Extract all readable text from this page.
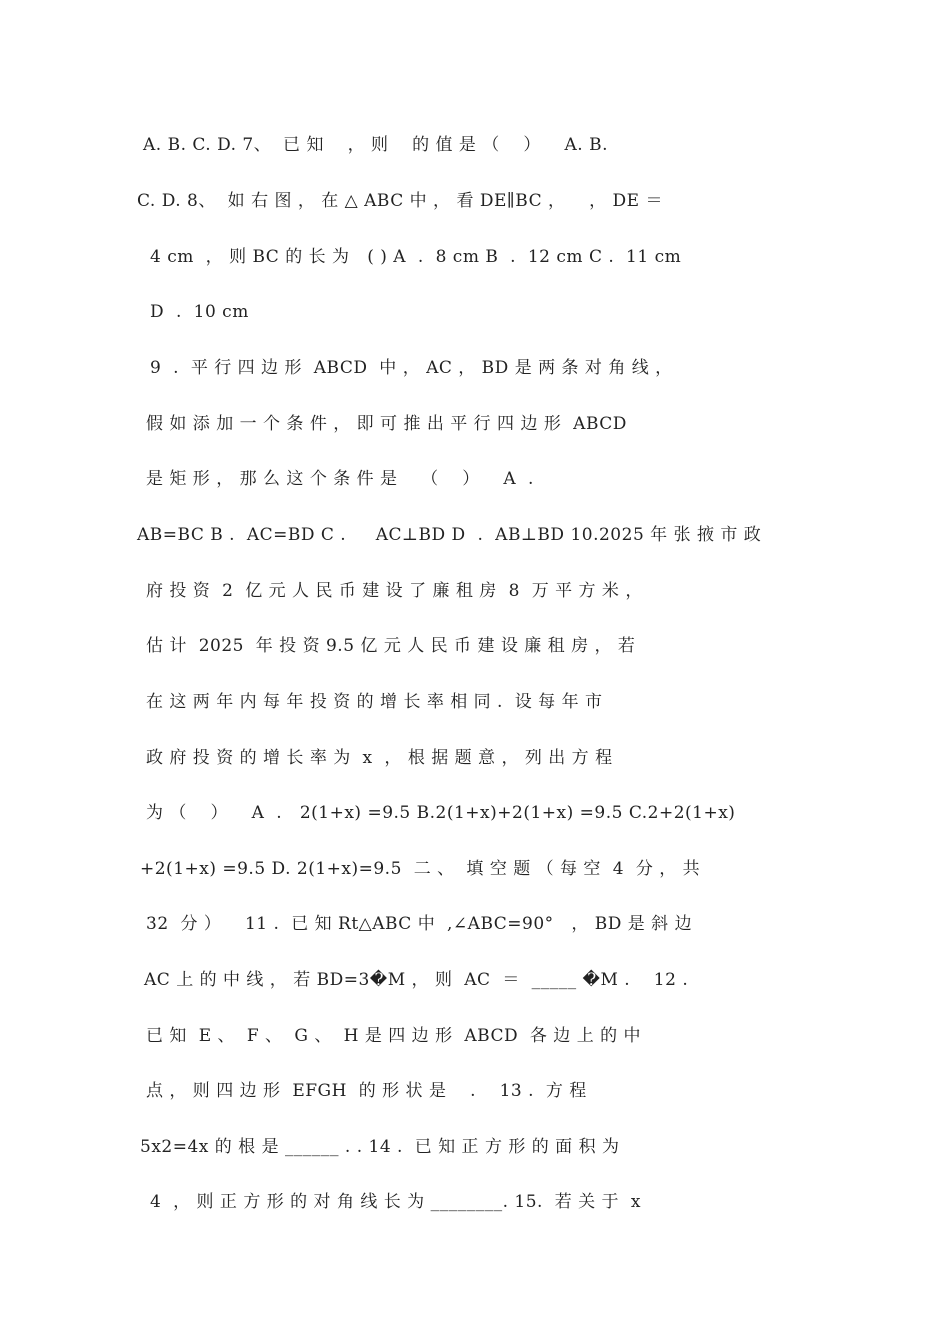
A. B. C. D. 7、  已 知    ， 则    的 值 是 （    ）    A. B.
C. D. 8、  如 右 图 ， 在 △ ABC 中 ， 看 DE∥BC ，    ， DE ＝
4 cm  ， 则 BC 的 长 为   ( ) A  .  8 cm B  .  12 cm C .  11 cm
D  .  10 cm
9  .  平 行 四 边 形  ABCD  中 ， AC ， BD 是 两 条 对 角 线 ，
假 如 添 加 一 个 条 件 ， 即 可 推 出 平 行 四 边 形  ABCD
是 矩 形 ， 那 么 这 个 条 件 是    （    ）    A  .
AB=BC B .  AC=BD C .     AC⊥BD D  .  AB⊥BD 10.2025 年 张 掖 市 政
府 投 资  2  亿 元 人 民 币 建 设 了 廉 租 房  8  万 平 方 米 ，
估 计  2025  年 投 资 9.5 亿 元 人 民 币 建 设 廉 租 房 ， 若
在 这 两 年 内 每 年 投 资 的 增 长 率 相 同 .  设 每 年 市
政 府 投 资 的 增 长 率 为  x  ， 根 据 题 意 ， 列 出 方 程
为 （    ）    A  .   2(1+x) =9.5 B.2(1+x)+2(1+x) =9.5 C.2+2(1+x)
+2(1+x) =9.5 D. 2(1+x)=9.5  二 、  填 空 题 （ 每 空  4  分 ， 共
32  分 ）    11 .  已 知 Rt△ABC 中  ,∠ABC=90°   ， BD 是 斜 边
AC 上 的 中 线 ， 若 BD=3�M ， 则  AC  ＝  _____ �M .    12 .
已 知  E 、  F 、  G 、  H 是 四 边 形  ABCD  各 边 上 的 中
点 ， 则 四 边 形  EFGH  的 形 状 是    .    13 .  方 程
5x2=4x 的 根 是 ______ . . 14 .  已 知 正 方 形 的 面 积 为
4  ， 则 正 方 形 的 对 角 线 长 为 ________. 15.  若 关 于  x
